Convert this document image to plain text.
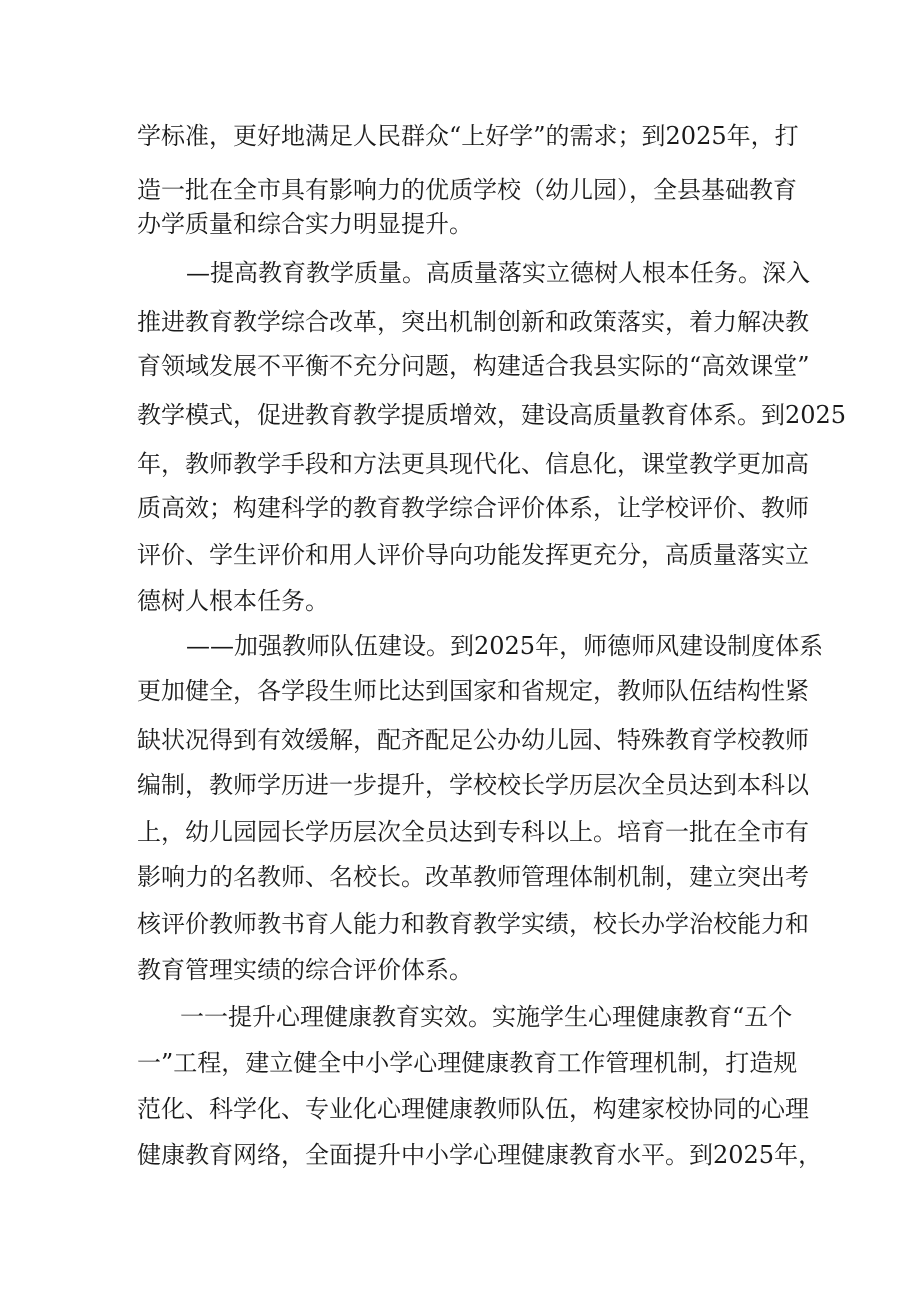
学标准，更好地满足人民群众“上好学”的需求；到2025年，打
造一批在全市具有影响力的优质学校（幼儿园），全县基础教育
办学质量和综合实力明显提升。
—提高教育教学质量。高质量落实立德树人根本任务。深入
推进教育教学综合改革，突出机制创新和政策落实，着力解决教
育领域发展不平衡不充分问题，构建适合我县实际的“高效课堂”
教学模式，促进教育教学提质增效，建设高质量教育体系。到2025
年，教师教学手段和方法更具现代化、信息化，课堂教学更加高
质高效；构建科学的教育教学综合评价体系，让学校评价、教师
评价、学生评价和用人评价导向功能发挥更充分，高质量落实立
德树人根本任务。
——加强教师队伍建设。到2025年，师德师风建设制度体系
更加健全，各学段生师比达到国家和省规定，教师队伍结构性紧
缺状况得到有效缓解，配齐配足公办幼儿园、特殊教育学校教师
编制，教师学历进一步提升，学校校长学历层次全员达到本科以
上，幼儿园园长学历层次全员达到专科以上。培育一批在全市有
影响力的名教师、名校长。改革教师管理体制机制，建立突出考
核评价教师教书育人能力和教育教学实绩，校长办学治校能力和
教育管理实绩的综合评价体系。
一一提升心理健康教育实效。实施学生心理健康教育“五个
一”工程，建立健全中小学心理健康教育工作管理机制，打造规
范化、科学化、专业化心理健康教师队伍，构建家校协同的心理
健康教育网络，全面提升中小学心理健康教育水平。到2025年，
